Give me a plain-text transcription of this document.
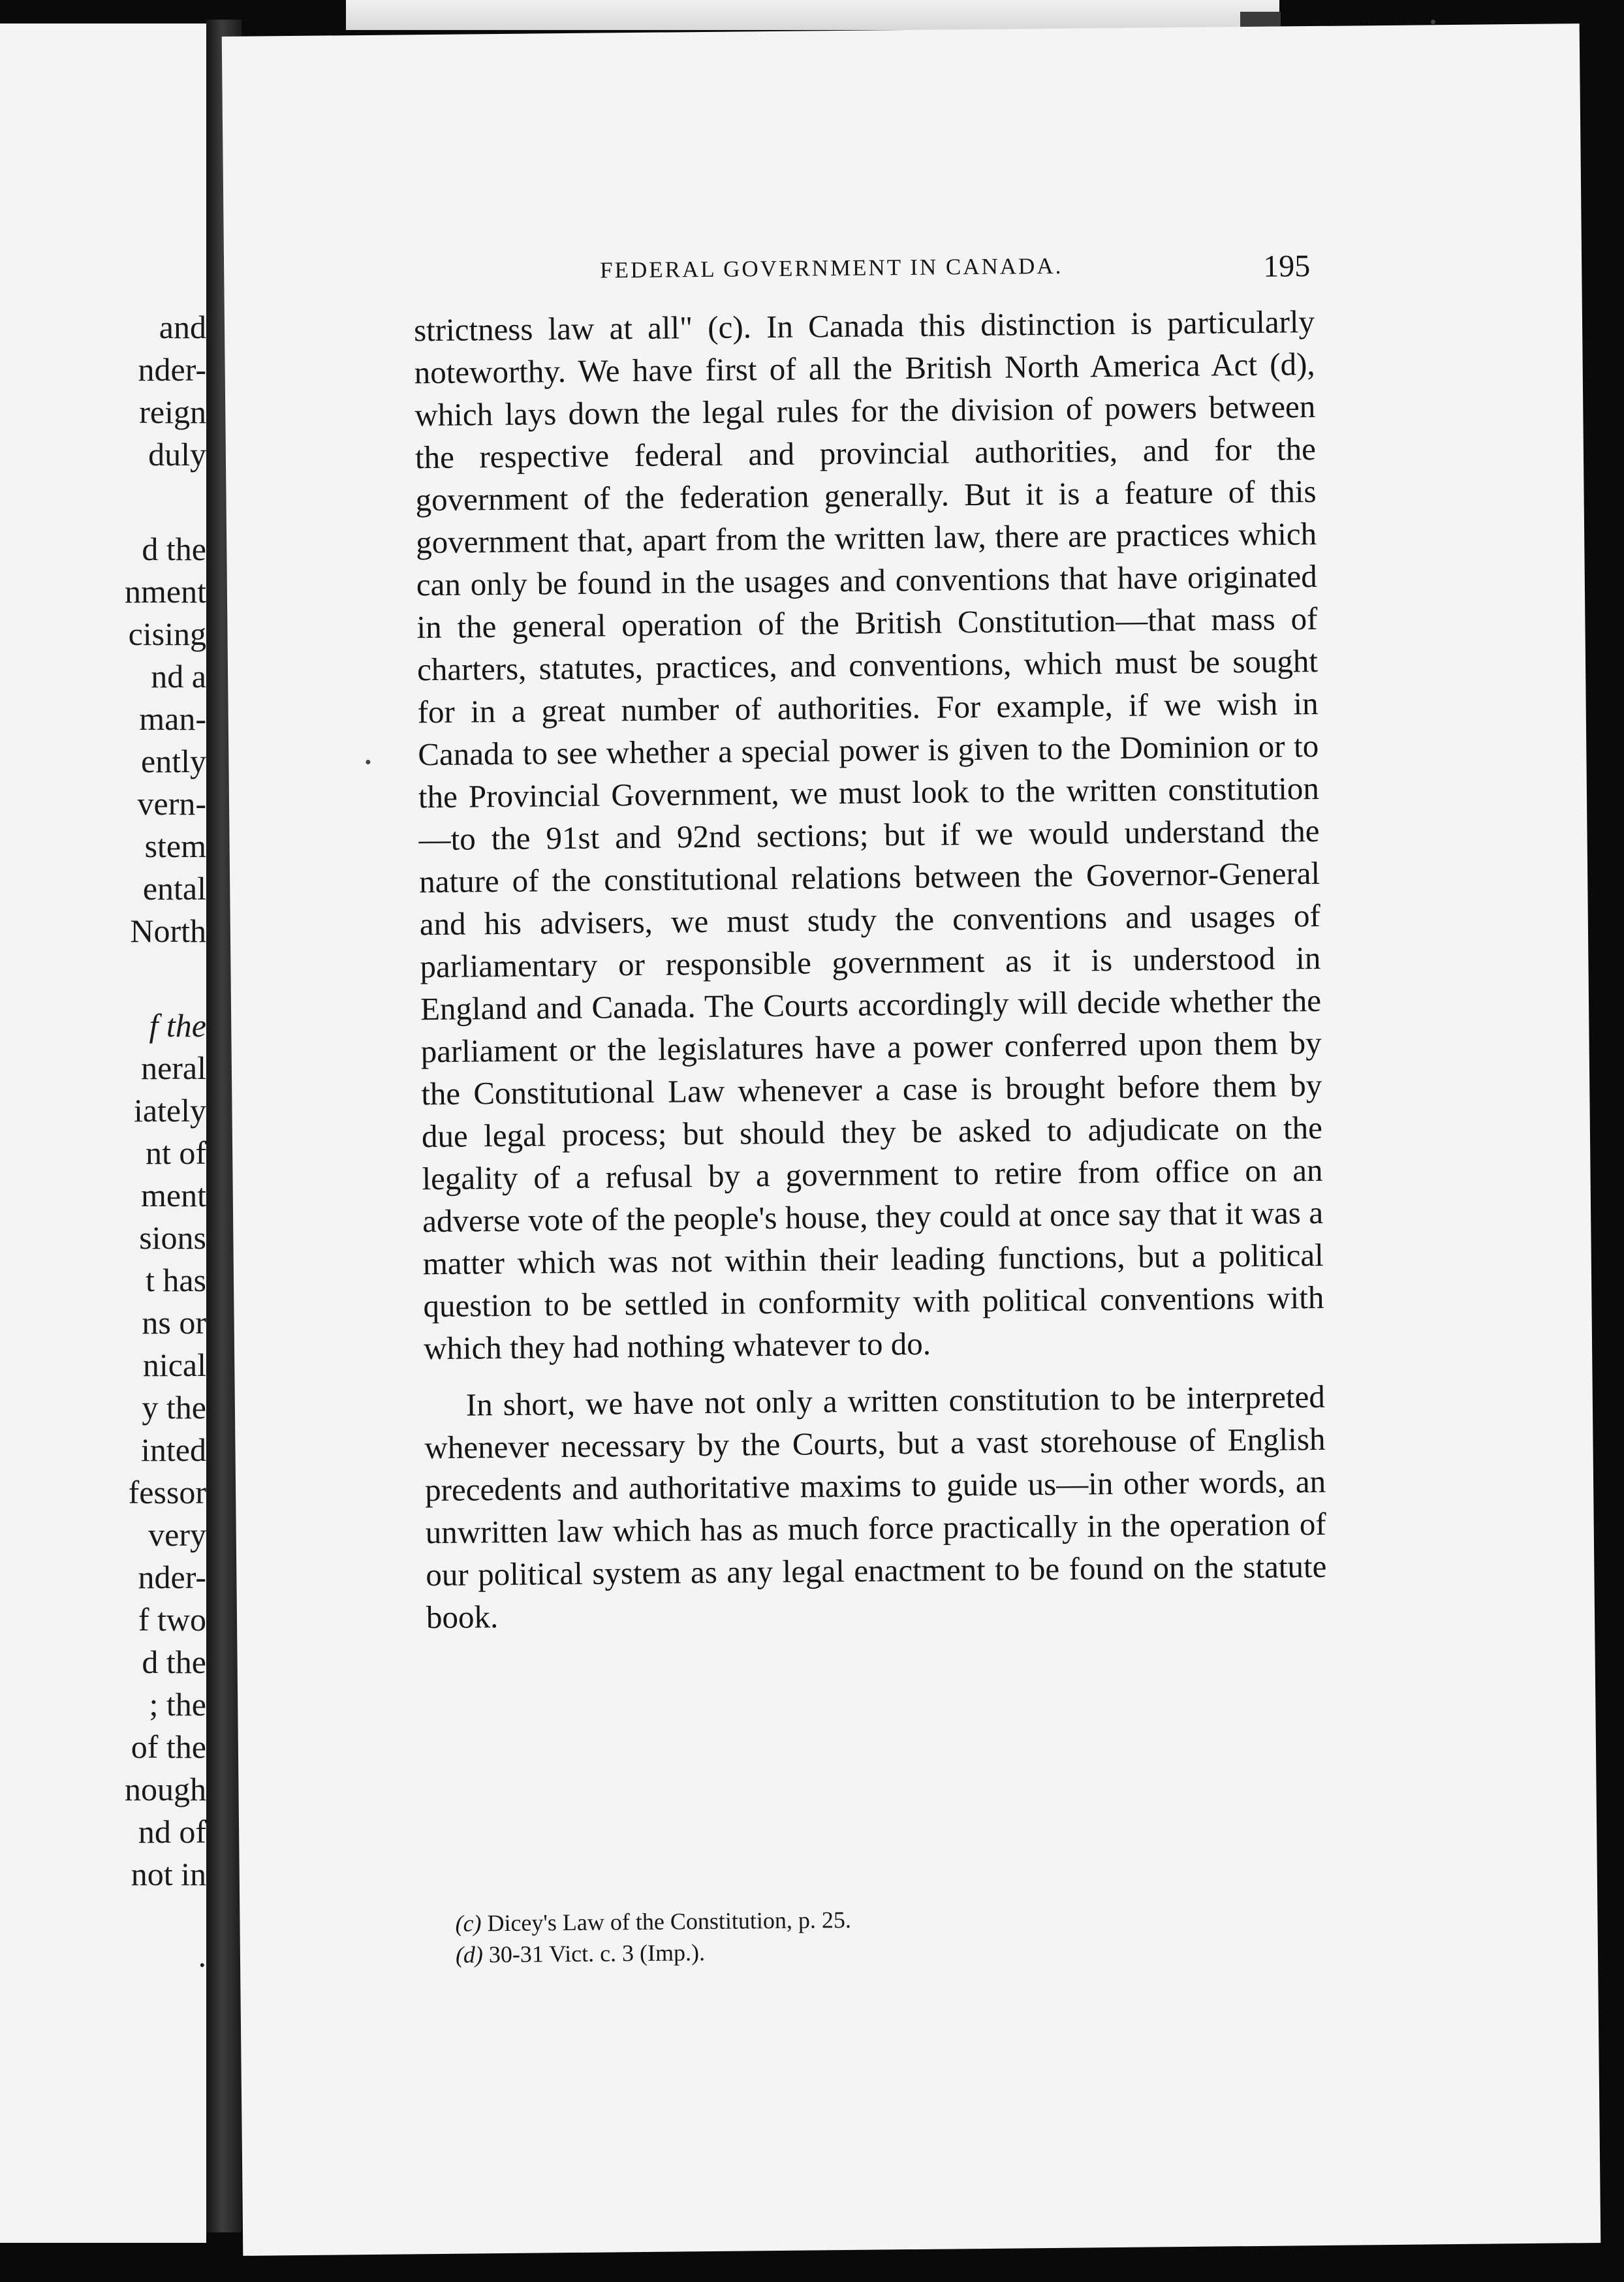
and
nder-
reign
duly
d the
nment
cising
nd a
man-
ently
vern-
stem
ental
North
f the
neral
iately
nt of
ment
sions
t has
ns or
nical
y the
inted
fessor
very
nder-
f two
d the
; the
of the
nough
nd of
not in
.
FEDERAL GOVERNMENT IN CANADA.	195

strictness law at all" (c). In Canada this distinction is particularly noteworthy. We have first of all the British North America Act (d), which lays down the legal rules for the division of powers between the respective federal and provincial authorities, and for the government of the federation generally. But it is a feature of this government that, apart from the written law, there are practices which can only be found in the usages and conventions that have originated in the general operation of the British Constitution—that mass of charters, statutes, practices, and conventions, which must be sought for in a great number of authorities. For example, if we wish in Canada to see whether a special power is given to the Dominion or to the Provincial Government, we must look to the written constitution—to the 91st and 92nd sections; but if we would understand the nature of the constitutional relations between the Governor-General and his advisers, we must study the conventions and usages of parliamentary or responsible government as it is understood in England and Canada. The Courts accordingly will decide whether the parliament or the legislatures have a power conferred upon them by the Constitutional Law whenever a case is brought before them by due legal process; but should they be asked to adjudicate on the legality of a refusal by a government to retire from office on an adverse vote of the people's house, they could at once say that it was a matter which was not within their leading functions, but a political question to be settled in conformity with political conventions with which they had nothing whatever to do.

In short, we have not only a written constitution to be interpreted whenever necessary by the Courts, but a vast storehouse of English precedents and authoritative maxims to guide us—in other words, an unwritten law which has as much force practically in the operation of our political system as any legal enactment to be found on the statute book.

(c) Dicey's Law of the Constitution, p. 25.
(d) 30-31 Vict. c. 3 (Imp.).
